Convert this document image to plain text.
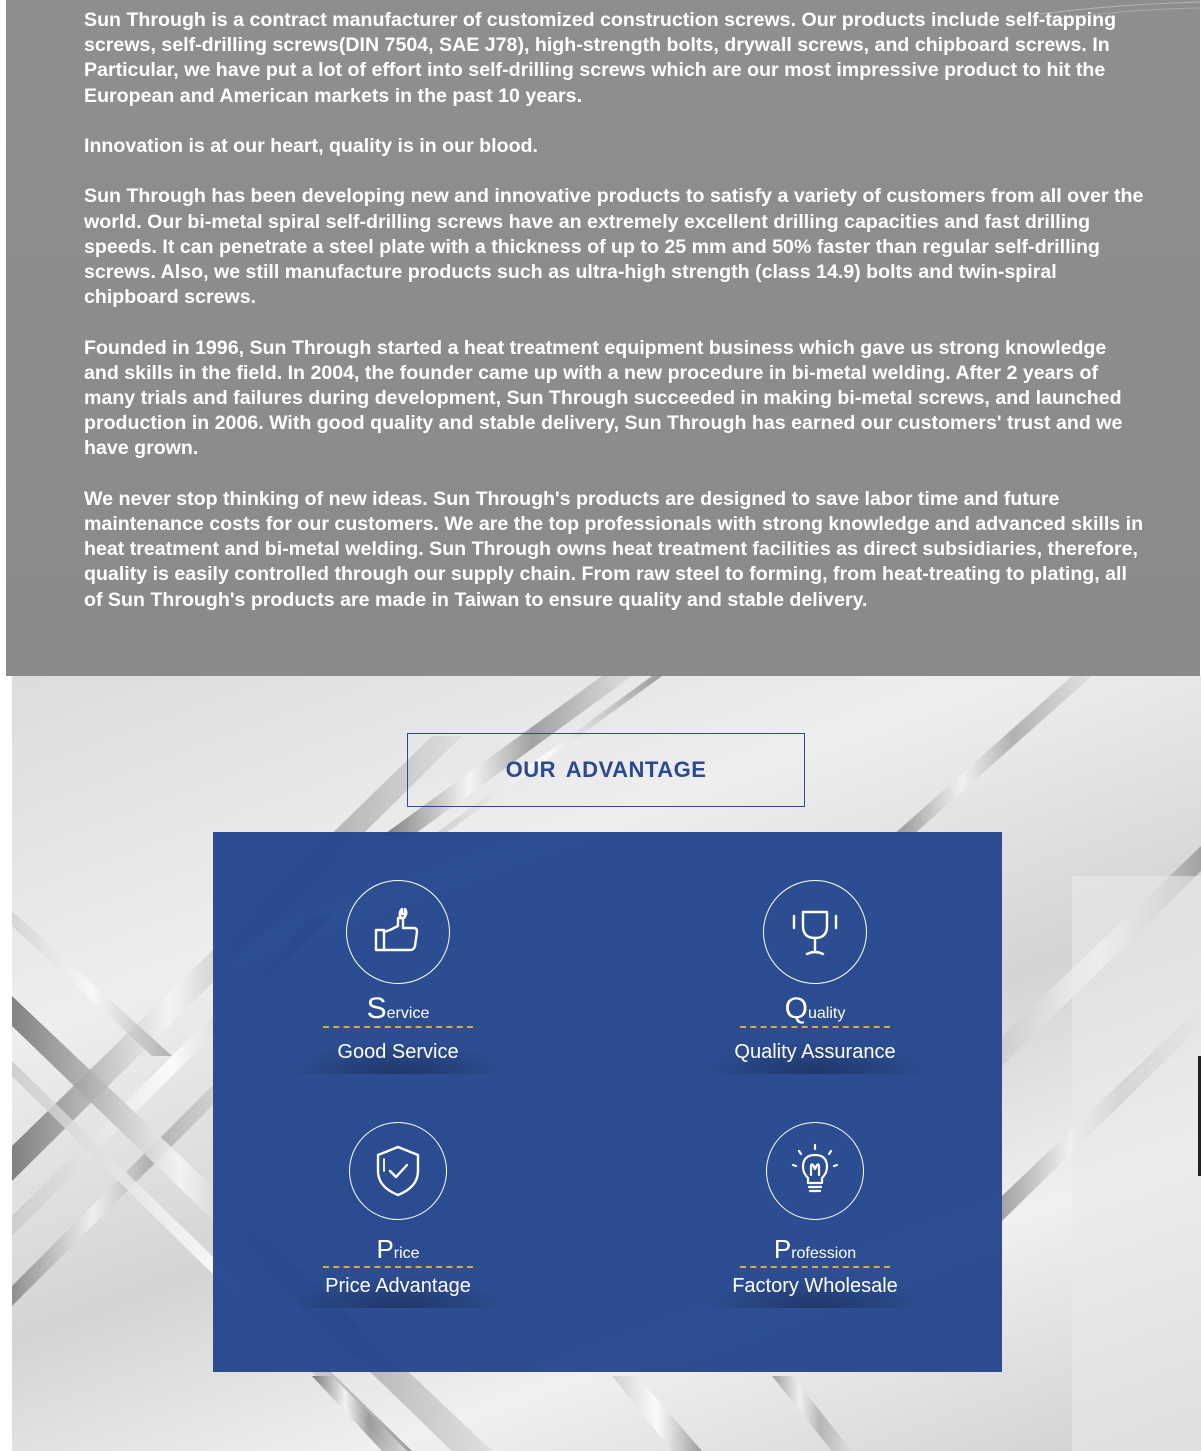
Sun Through is a contract manufacturer of customized construction screws. Our products include self-tapping screws, self-drilling screws(DIN 7504, SAE J78), high-strength bolts, drywall screws, and chipboard screws. In Particular, we have put a lot of effort into self-drilling screws which are our most impressive product to hit the European and American markets in the past 10 years.

Innovation is at our heart, quality is in our blood.

Sun Through has been developing new and innovative products to satisfy a variety of customers from all over the world. Our bi-metal spiral self-drilling screws have an extremely excellent drilling capacities and fast drilling speeds. It can penetrate a steel plate with a thickness of up to 25 mm and 50% faster than regular self-drilling screws. Also, we still manufacture products such as ultra-high strength (class 14.9) bolts and twin-spiral chipboard screws.

Founded in 1996, Sun Through started a heat treatment equipment business which gave us strong knowledge and skills in the field. In 2004, the founder came up with a new procedure in bi-metal welding. After 2 years of many trials and failures during development, Sun Through succeeded in making bi-metal screws, and launched production in 2006. With good quality and stable delivery, Sun Through has earned our customers' trust and we have grown.

We never stop thinking of new ideas. Sun Through's products are designed to save labor time and future maintenance costs for our customers. We are the top professionals with strong knowledge and advanced skills in heat treatment and bi-metal welding. Sun Through owns heat treatment facilities as direct subsidiaries, therefore, quality is easily controlled through our supply chain. From raw steel to forming, from heat-treating to plating, all of Sun Through's products are made in Taiwan to ensure quality and stable delivery.

OUR ADVANTAGE
Service
Good Service
Quality
Quality Assurance
Price
Price Advantage
Profession
Factory Wholesale
